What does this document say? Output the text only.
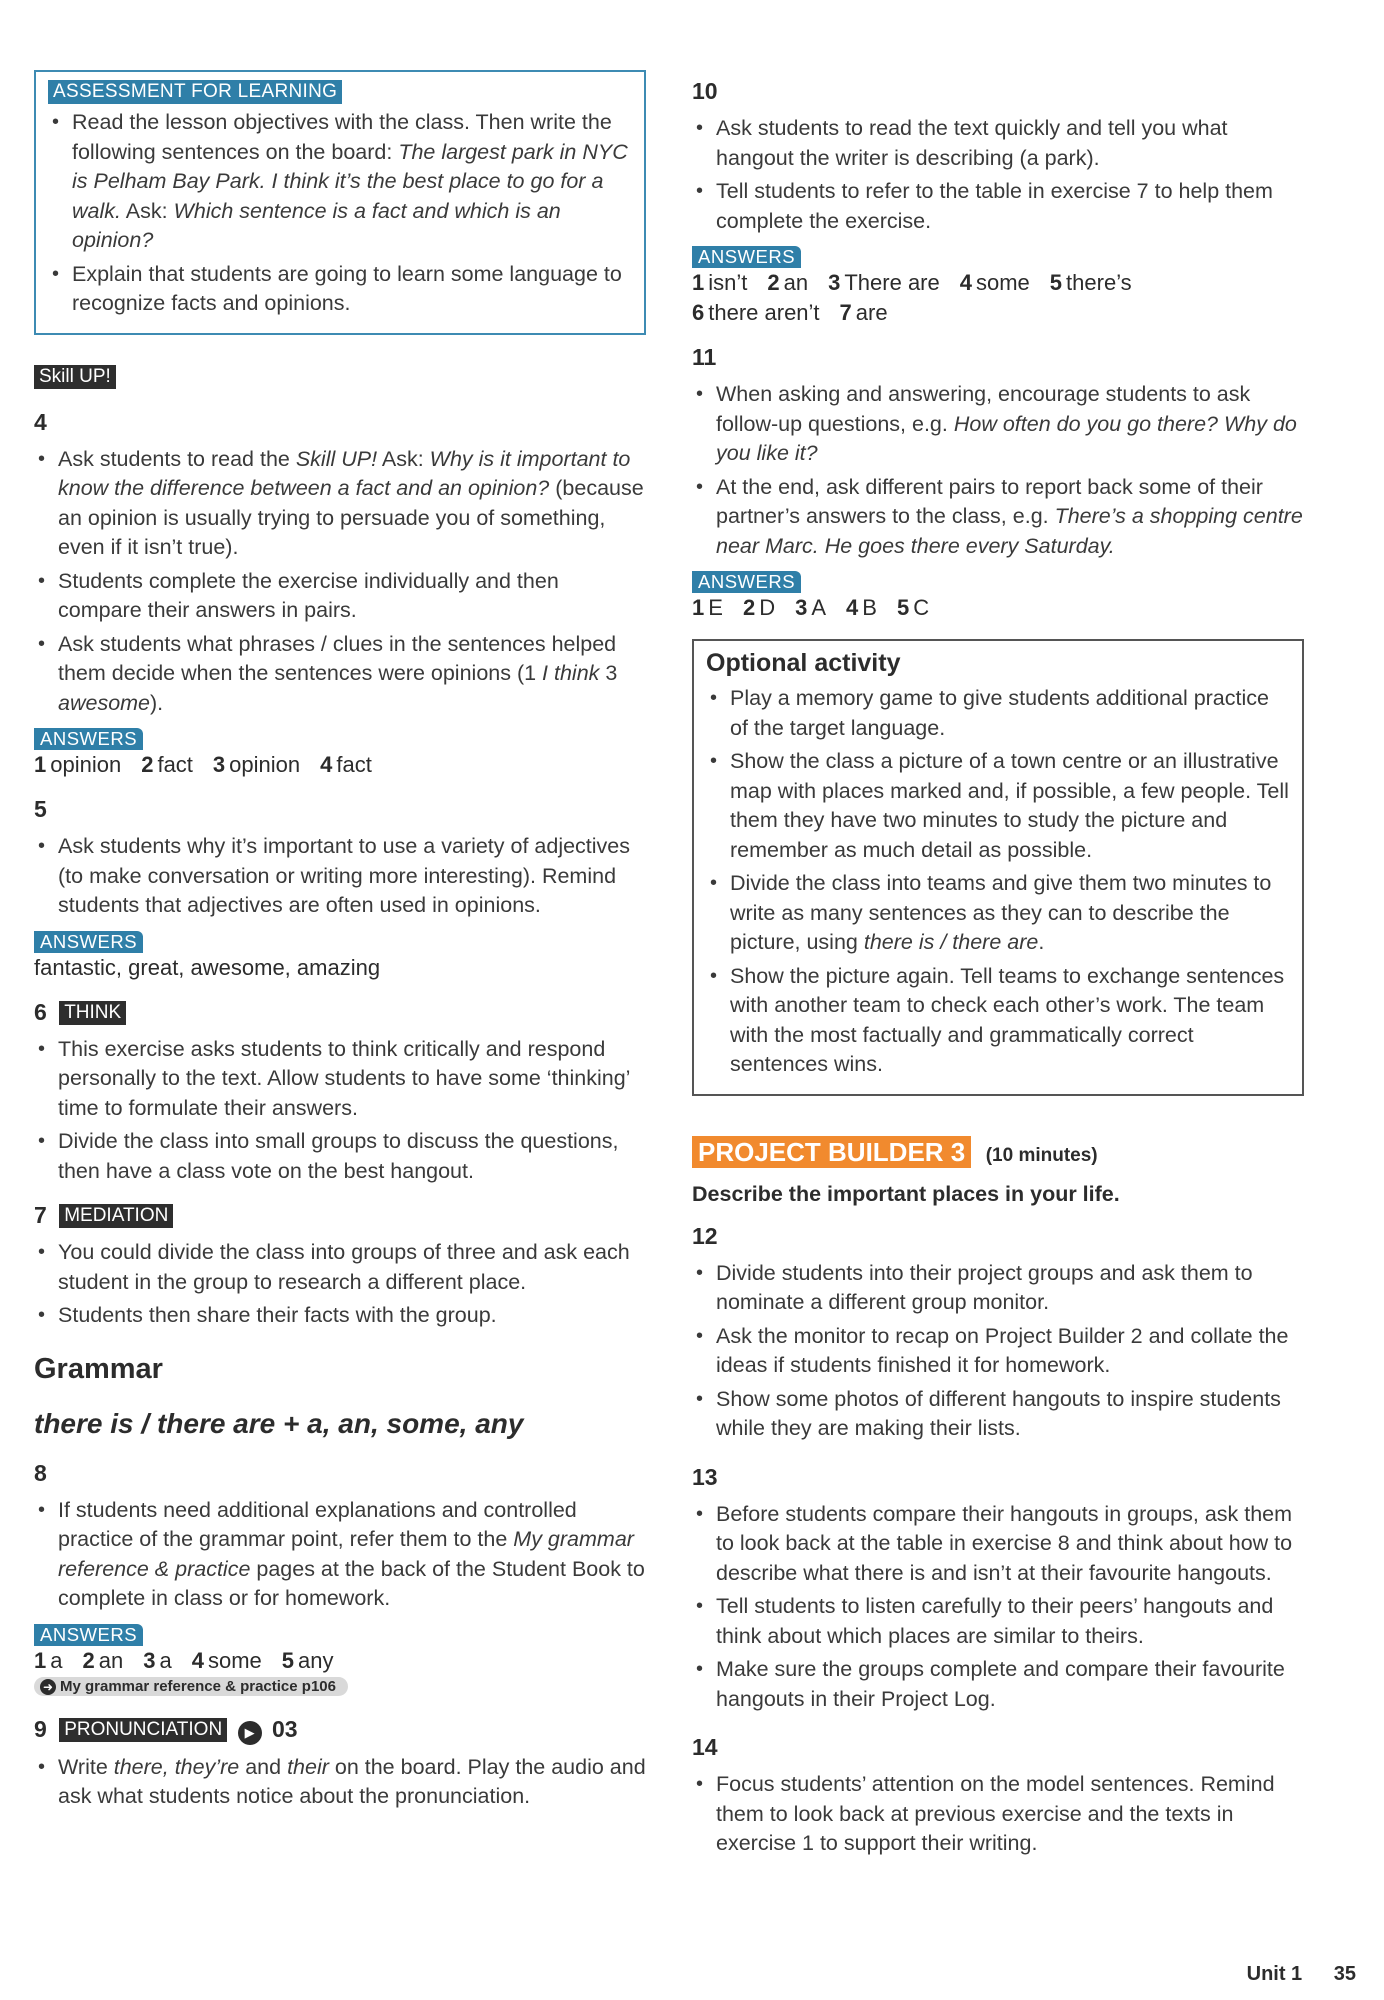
ASSESSMENT FOR LEARNING
• Read the lesson objectives with the class. Then write the following sentences on the board: The largest park in NYC is Pelham Bay Park. I think it’s the best place to go for a walk. Ask: Which sentence is a fact and which is an opinion?
• Explain that students are going to learn some language to recognize facts and opinions.
Skill UP!
4
• Ask students to read the Skill UP! Ask: Why is it important to know the difference between a fact and an opinion? (because an opinion is usually trying to persuade you of something, even if it isn’t true).
• Students complete the exercise individually and then compare their answers in pairs.
• Ask students what phrases / clues in the sentences helped them decide when the sentences were opinions (1 I think 3 awesome).
ANSWERS
1 opinion 2 fact 3 opinion 4 fact
5
• Ask students why it’s important to use a variety of adjectives (to make conversation or writing more interesting). Remind students that adjectives are often used in opinions.
ANSWERS
fantastic, great, awesome, amazing
6 THINK
• This exercise asks students to think critically and respond personally to the text. Allow students to have some ‘thinking’ time to formulate their answers.
• Divide the class into small groups to discuss the questions, then have a class vote on the best hangout.
7 MEDIATION
• You could divide the class into groups of three and ask each student in the group to research a different place.
• Students then share their facts with the group.
Grammar
there is / there are + a, an, some, any
8
• If students need additional explanations and controlled practice of the grammar point, refer them to the My grammar reference & practice pages at the back of the Student Book to complete in class or for homework.
ANSWERS
1 a 2 an 3 a 4 some 5 any
➜ My grammar reference & practice p106
9 PRONUNCIATION ▶ 03
• Write there, they’re and their on the board. Play the audio and ask what students notice about the pronunciation.
10
• Ask students to read the text quickly and tell you what hangout the writer is describing (a park).
• Tell students to refer to the table in exercise 7 to help them complete the exercise.
ANSWERS
1 isn’t 2 an 3 There are 4 some 5 there’s
6 there aren’t 7 are
11
• When asking and answering, encourage students to ask follow-up questions, e.g. How often do you go there? Why do you like it?
• At the end, ask different pairs to report back some of their partner’s answers to the class, e.g. There’s a shopping centre near Marc. He goes there every Saturday.
ANSWERS
1 E 2 D 3 A 4 B 5 C
Optional activity
• Play a memory game to give students additional practice of the target language.
• Show the class a picture of a town centre or an illustrative map with places marked and, if possible, a few people. Tell them they have two minutes to study the picture and remember as much detail as possible.
• Divide the class into teams and give them two minutes to write as many sentences as they can to describe the picture, using there is / there are.
• Show the picture again. Tell teams to exchange sentences with another team to check each other’s work. The team with the most factually and grammatically correct sentences wins.
PROJECT BUILDER 3 (10 minutes)
Describe the important places in your life.
12
• Divide students into their project groups and ask them to nominate a different group monitor.
• Ask the monitor to recap on Project Builder 2 and collate the ideas if students finished it for homework.
• Show some photos of different hangouts to inspire students while they are making their lists.
13
• Before students compare their hangouts in groups, ask them to look back at the table in exercise 8 and think about how to describe what there is and isn’t at their favourite hangouts.
• Tell students to listen carefully to their peers’ hangouts and think about which places are similar to theirs.
• Make sure the groups complete and compare their favourite hangouts in their Project Log.
14
• Focus students’ attention on the model sentences. Remind them to look back at previous exercise and the texts in exercise 1 to support their writing.
Unit 1 35
